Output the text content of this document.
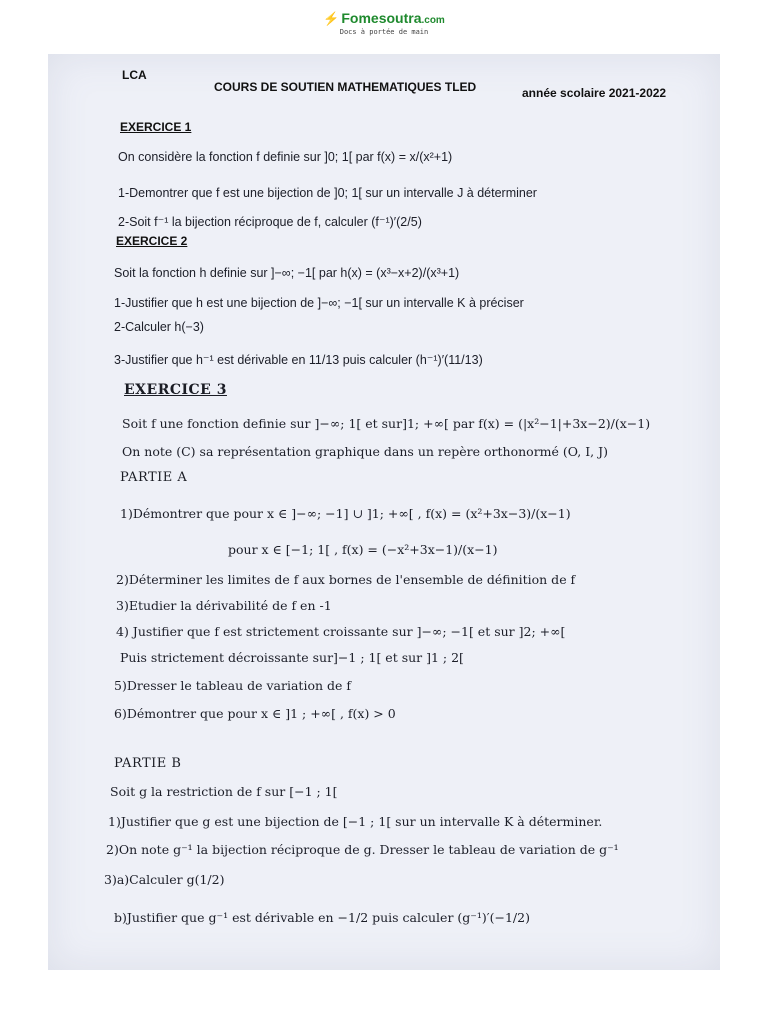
⚡ Fomesoutra.com
Docs à portée de main
LCA
COURS DE SOUTIEN MATHEMATIQUES TLED	année scolaire 2021-2022
EXERCICE 1
On considère la fonction f definie sur ]0; 1[ par f(x) = x/(x²+1)
1-Demontrer que f est une bijection de ]0; 1[ sur un intervalle J à déterminer
2-Soit f⁻¹ la bijection réciproque de f, calculer (f⁻¹)′(2/5)
EXERCICE 2
Soit la fonction h definie sur ]−∞; −1[ par h(x) = (x³−x+2)/(x³+1)
1-Justifier que h est une bijection de ]−∞; −1[ sur un intervalle K à préciser
2-Calculer h(−3)
3-Justifier que h⁻¹ est dérivable en 11/13 puis calculer (h⁻¹)′(11/13)
EXERCICE 3
Soit f une fonction definie sur ]−∞; 1[ et sur]1; +∞[ par f(x) = (|x²−1|+3x−2)/(x−1)
On note (C) sa représentation graphique dans un repère orthonormé (O, I, J)
PARTIE A
1)Démontrer que pour x ∈ ]−∞; −1] ∪ ]1; +∞[ , f(x) = (x²+3x−3)/(x−1)
pour x ∈ [−1; 1[ , f(x) = (−x²+3x−1)/(x−1)
2)Déterminer les limites de f aux bornes de l'ensemble de définition de f
3)Etudier la dérivabilité de f en -1
4) Justifier que f est strictement croissante sur ]−∞; −1[ et sur ]2; +∞[
Puis strictement décroissante sur]−1 ; 1[ et sur ]1 ; 2[
5)Dresser le tableau de variation de f
6)Démontrer que pour x ∈ ]1 ; +∞[ , f(x) > 0
PARTIE B
Soit g la restriction de f sur [−1 ; 1[
1)Justifier que g est une bijection de [−1 ; 1[ sur un intervalle K à déterminer.
2)On note g⁻¹ la bijection réciproque de g. Dresser le tableau de variation de g⁻¹
3)a)Calculer g(1/2)
b)Justifier que g⁻¹ est dérivable en −1/2 puis calculer (g⁻¹)′(−1/2)
